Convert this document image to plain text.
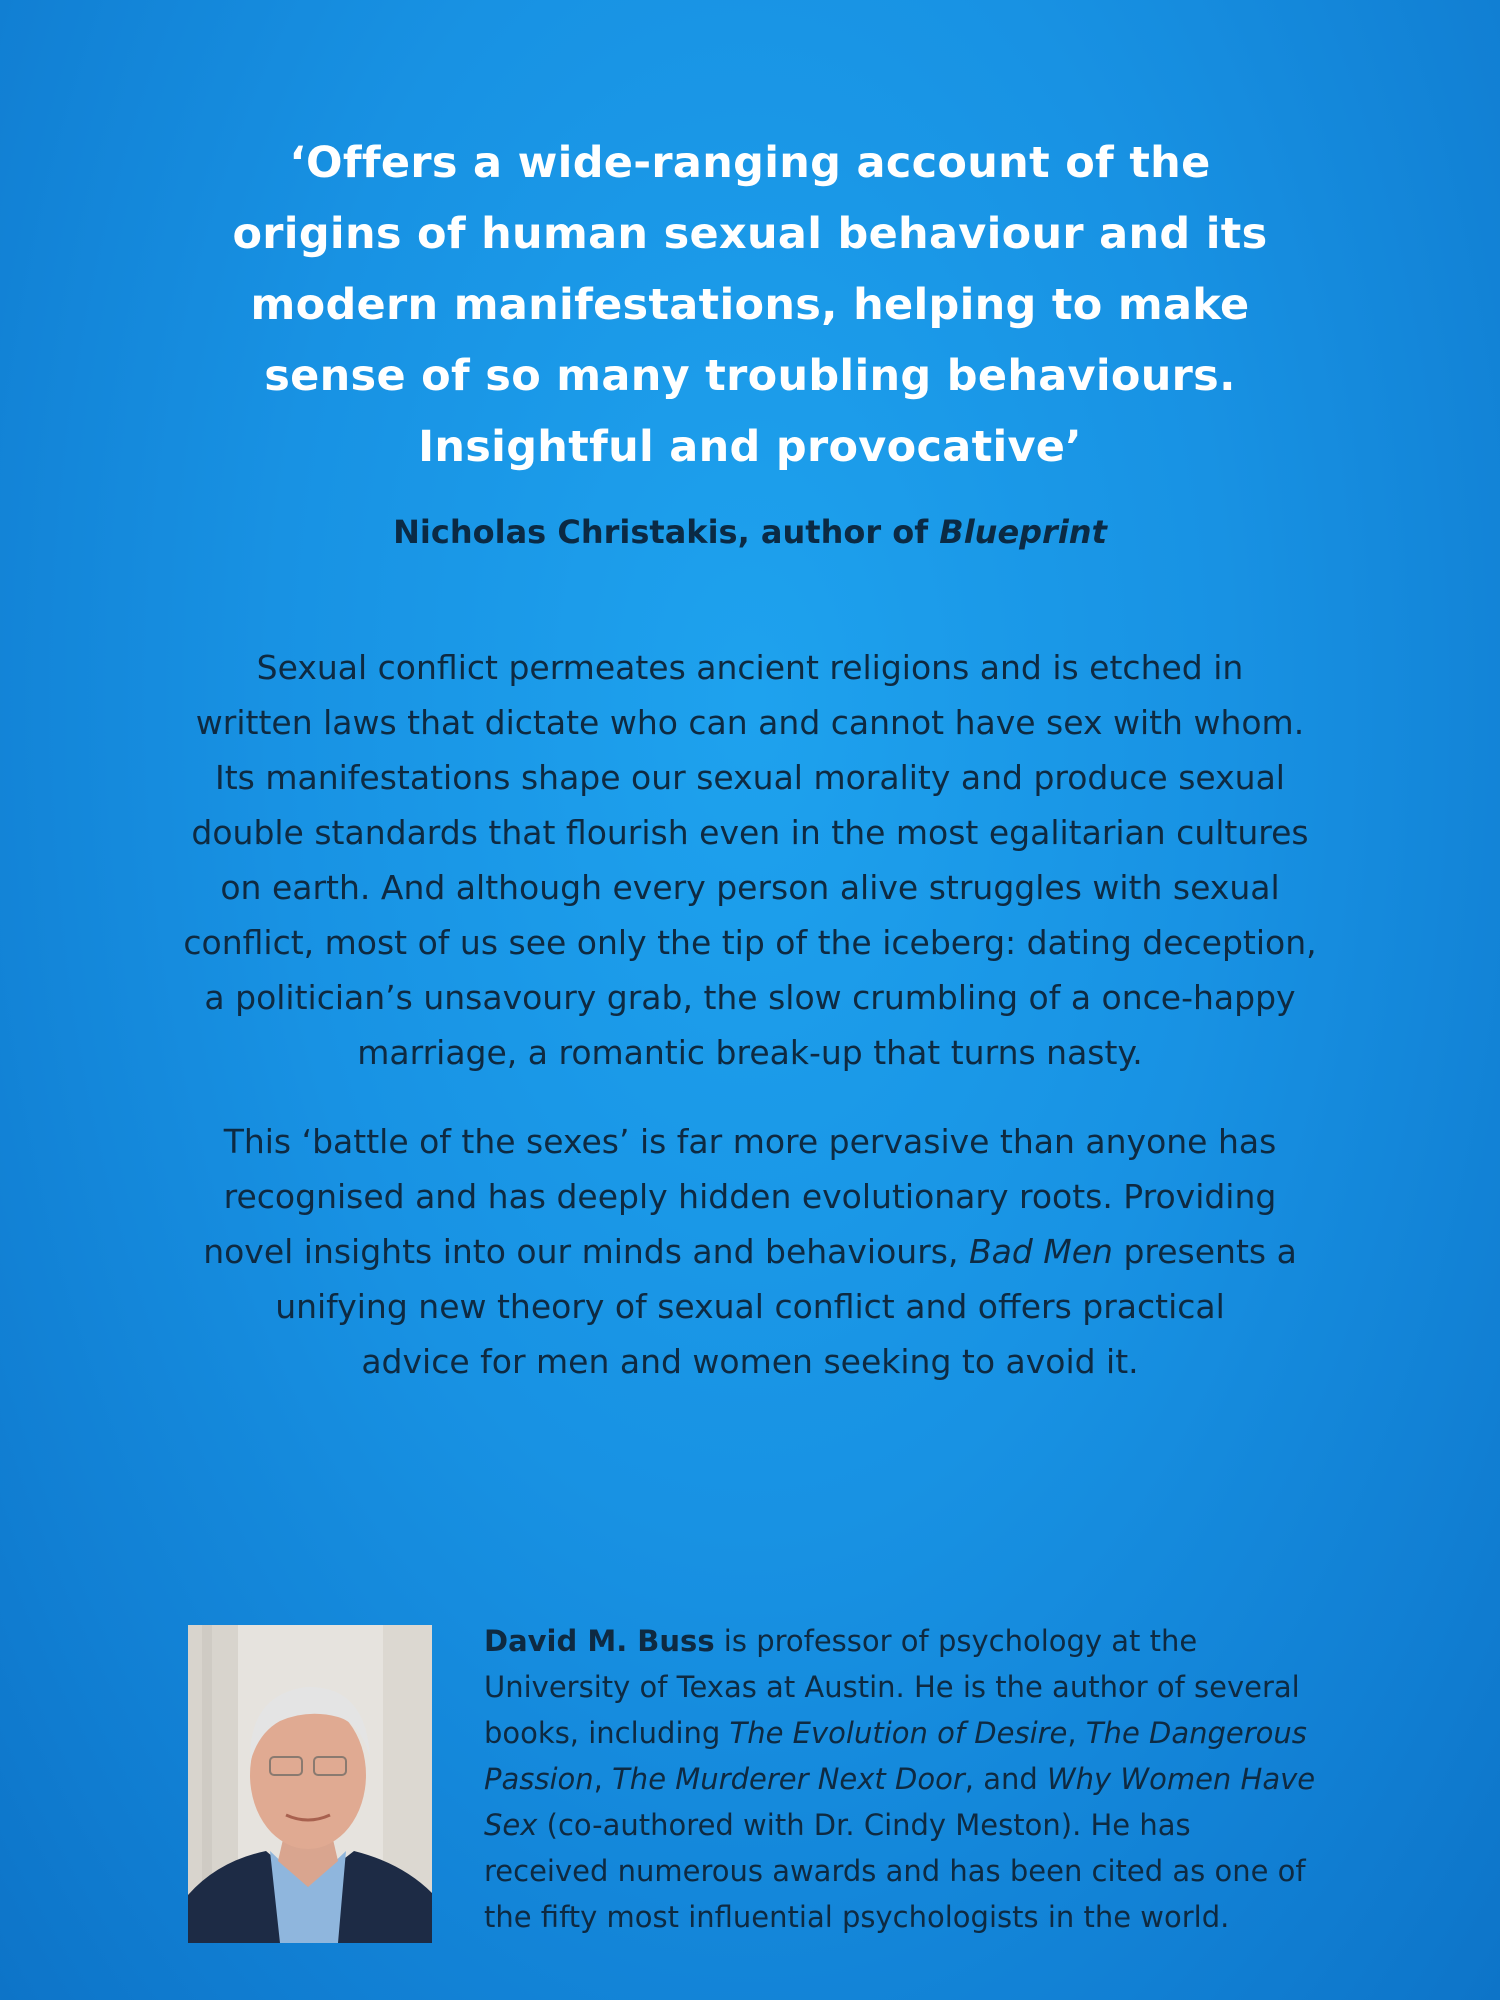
‘Offers a wide-ranging account of the
origins of human sexual behaviour and its
modern manifestations, helping to make
sense of so many troubling behaviours.
Insightful and provocative’
Nicholas Christakis, author of Blueprint
Sexual conflict permeates ancient religions and is etched in
written laws that dictate who can and cannot have sex with whom.
Its manifestations shape our sexual morality and produce sexual
double standards that flourish even in the most egalitarian cultures
on earth. And although every person alive struggles with sexual
conflict, most of us see only the tip of the iceberg: dating deception,
a politician’s unsavoury grab, the slow crumbling of a once-happy
marriage, a romantic break-up that turns nasty.
This ‘battle of the sexes’ is far more pervasive than anyone has
recognised and has deeply hidden evolutionary roots. Providing
novel insights into our minds and behaviours, Bad Men presents a
unifying new theory of sexual conflict and offers practical
advice for men and women seeking to avoid it.
David M. Buss is professor of psychology at the
University of Texas at Austin. He is the author of several
books, including The Evolution of Desire, The Dangerous
Passion, The Murderer Next Door, and Why Women Have
Sex (co-authored with Dr. Cindy Meston). He has
received numerous awards and has been cited as one of
the fifty most influential psychologists in the world.
